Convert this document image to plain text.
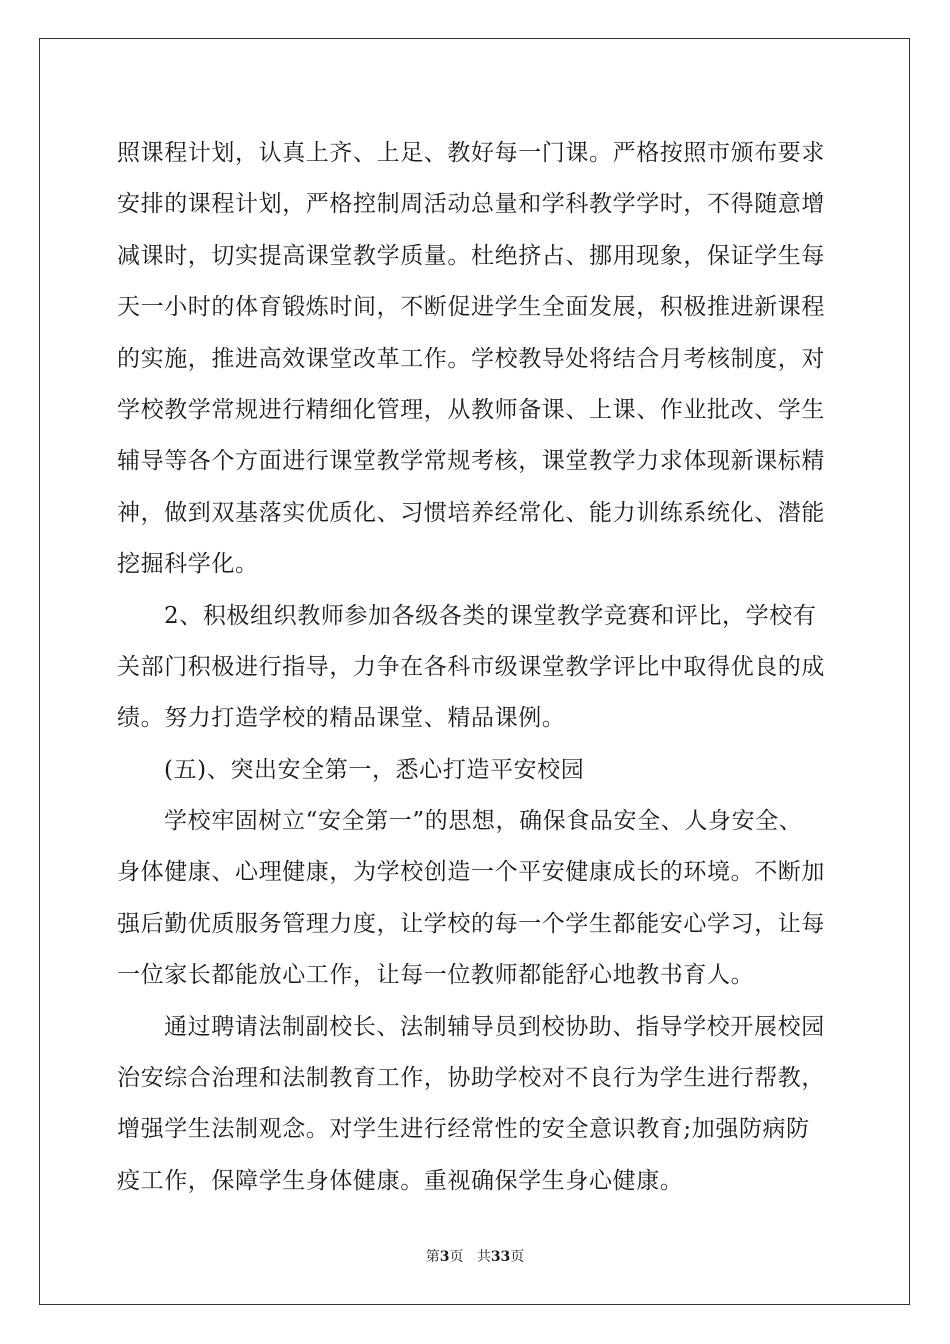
照课程计划，认真上齐、上足、教好每一门课。严格按照市颁布要求
安排的课程计划，严格控制周活动总量和学科教学学时，不得随意增
减课时，切实提高课堂教学质量。杜绝挤占、挪用现象，保证学生每
天一小时的体育锻炼时间，不断促进学生全面发展，积极推进新课程
的实施，推进高效课堂改革工作。学校教导处将结合月考核制度，对
学校教学常规进行精细化管理，从教师备课、上课、作业批改、学生
辅导等各个方面进行课堂教学常规考核，课堂教学力求体现新课标精
神，做到双基落实优质化、习惯培养经常化、能力训练系统化、潜能
挖掘科学化。
2、积极组织教师参加各级各类的课堂教学竞赛和评比，学校有
关部门积极进行指导，力争在各科市级课堂教学评比中取得优良的成
绩。努力打造学校的精品课堂、精品课例。
(五)、突出安全第一，悉心打造平安校园
学校牢固树立“安全第一”的思想，确保食品安全、人身安全、
身体健康、心理健康，为学校创造一个平安健康成长的环境。不断加
强后勤优质服务管理力度，让学校的每一个学生都能安心学习，让每
一位家长都能放心工作，让每一位教师都能舒心地教书育人。
通过聘请法制副校长、法制辅导员到校协助、指导学校开展校园
治安综合治理和法制教育工作，协助学校对不良行为学生进行帮教，
增强学生法制观念。对学生进行经常性的安全意识教育;加强防病防
疫工作，保障学生身体健康。重视确保学生身心健康。
第3页 共33页
